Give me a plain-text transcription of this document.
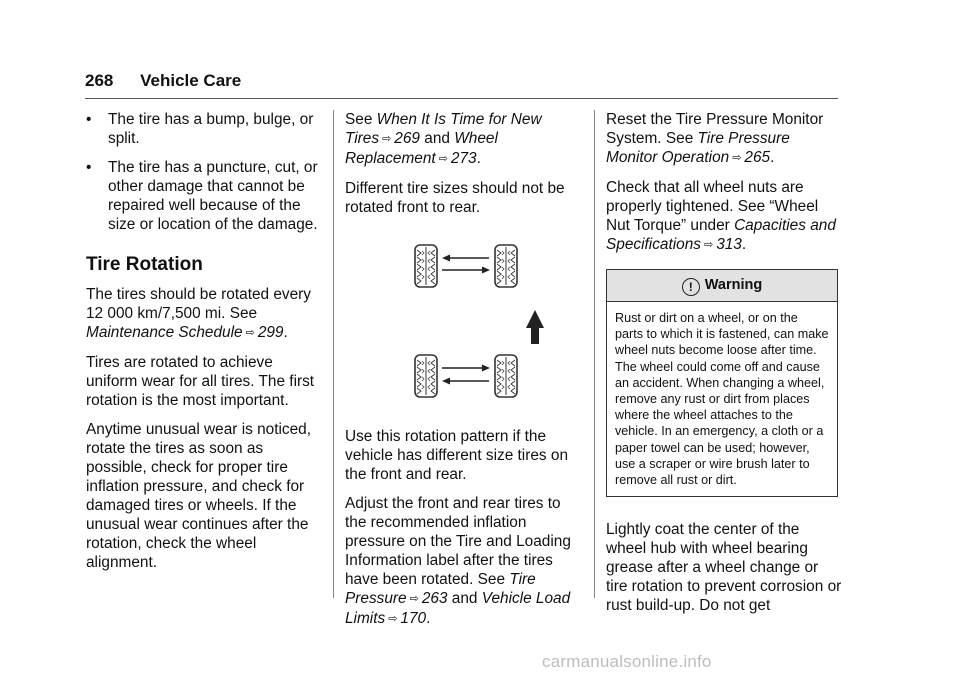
268 Vehicle Care
• The tire has a bump, bulge, or split.
• The tire has a puncture, cut, or other damage that cannot be repaired well because of the size or location of the damage.
Tire Rotation

The tires should be rotated every 12 000 km/7,500 mi. See Maintenance Schedule ⇨ 299.

Tires are rotated to achieve uniform wear for all tires. The first rotation is the most important.

Anytime unusual wear is noticed, rotate the tires as soon as possible, check for proper tire inflation pressure, and check for damaged tires or wheels. If the unusual wear continues after the rotation, check the wheel alignment.

See When It Is Time for New Tires ⇨ 269 and Wheel Replacement ⇨ 273.

Different tire sizes should not be rotated front to rear.

Use this rotation pattern if the vehicle has different size tires on the front and rear.

Adjust the front and rear tires to the recommended inflation pressure on the Tire and Loading Information label after the tires have been rotated. See Tire Pressure ⇨ 263 and Vehicle Load Limits ⇨ 170.

Reset the Tire Pressure Monitor System. See Tire Pressure Monitor Operation ⇨ 265.

Check that all wheel nuts are properly tightened. See “Wheel Nut Torque” under Capacities and Specifications ⇨ 313.

! Warning
Rust or dirt on a wheel, or on the parts to which it is fastened, can make wheel nuts become loose after time. The wheel could come off and cause an accident. When changing a wheel, remove any rust or dirt from places where the wheel attaches to the vehicle. In an emergency, a cloth or a paper towel can be used; however, use a scraper or wire brush later to remove all rust or dirt.

Lightly coat the center of the wheel hub with wheel bearing grease after a wheel change or tire rotation to prevent corrosion or rust build-up. Do not get

carmanualsonline.info
